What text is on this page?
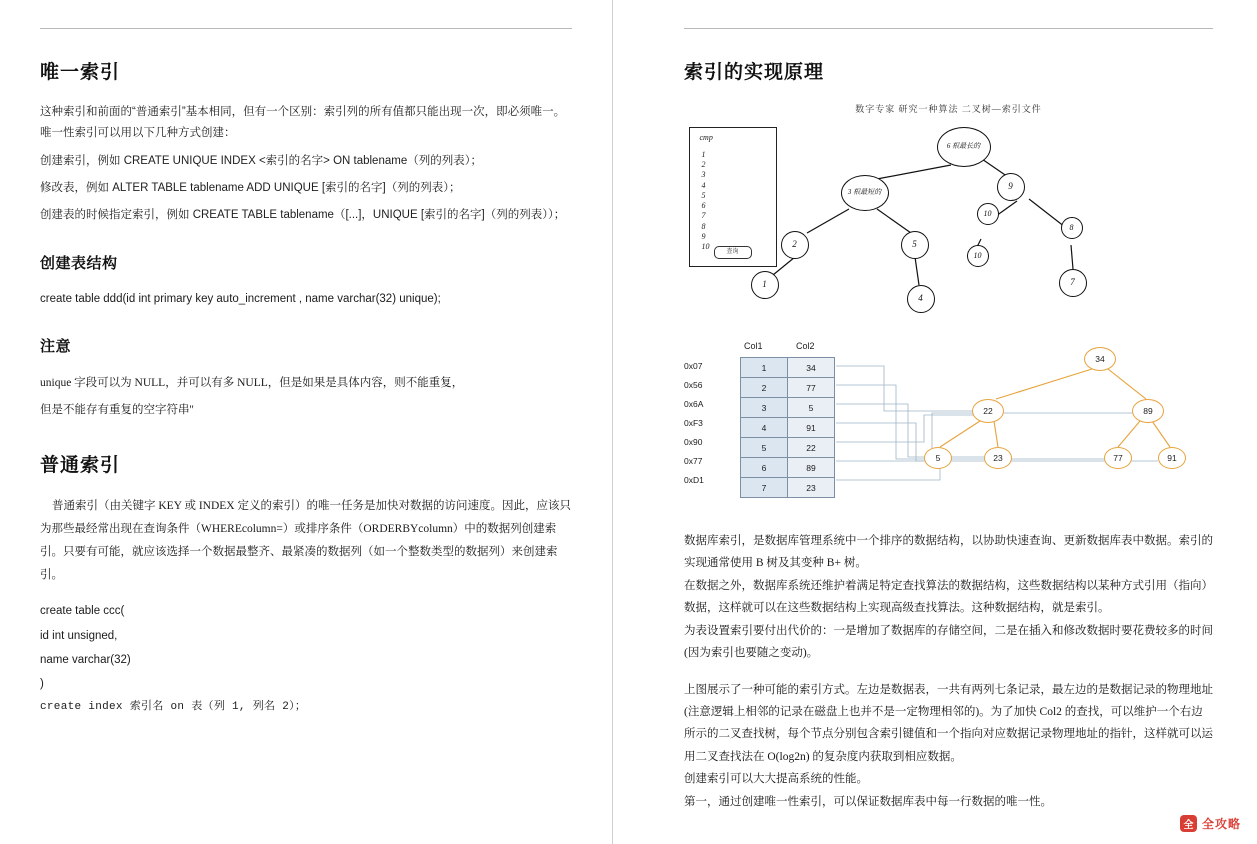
唯一索引

这种索引和前面的“普通索引”基本相同，但有一个区别：索引列的所有值都只能出现一次，即必须唯一。唯一性索引可以用以下几种方式创建：

创建索引，例如 CREATE UNIQUE INDEX <索引的名字> ON tablename（列的列表）；

修改表，例如 ALTER TABLE tablename ADD UNIQUE [索引的名字]（列的列表）；

创建表的时候指定索引，例如 CREATE TABLE tablename（[...]，UNIQUE [索引的名字]（列的列表））；

创建表结构
create table ddd(id int primary key auto_increment , name varchar(32) unique);
注意
unique 字段可以为 NULL，并可以有多 NULL，但是如果是具体内容，则不能重复，
但是不能存有重复的空字符串''
普通索引
普通索引（由关键字 KEY 或 INDEX 定义的索引）的唯一任务是加快对数据的访问速度。因此，应该只为那些最经常出现在查询条件（WHEREcolumn=）或排序条件（ORDERBYcolumn）中的数据列创建索引。只要有可能，就应该选择一个数据最整齐、最紧凑的数据列（如一个整数类型的数据列）来创建索引。
create table ccc(
id int unsigned,
name varchar(32)
)
create index 索引名 on 表（列 1, 列名 2）；
索引的实现原理
数字专家 研究一种算法 二叉树—索引文件
cmp
1
2
3
4
5
6
7
8
9
10
查询
6 根最长的
3 根最短的
9
2	5
10
8
10
1	7
4
Col1	Col2
0x07
0x56
0x6A
0xF3
0x90
0x77
0xD1
1	34
2	77
3	5
4	91
5	22
6	89
7	23
34
22	89
5	23	77	91
数据库索引，是数据库管理系统中一个排序的数据结构，以协助快速查询、更新数据库表中数据。索引的实现通常使用 B 树及其变种 B+ 树。
在数据之外，数据库系统还维护着满足特定查找算法的数据结构，这些数据结构以某种方式引用（指向）数据，这样就可以在这些数据结构上实现高级查找算法。这种数据结构，就是索引。
为表设置索引要付出代价的：一是增加了数据库的存储空间，二是在插入和修改数据时要花费较多的时间(因为索引也要随之变动)。
上图展示了一种可能的索引方式。左边是数据表，一共有两列七条记录，最左边的是数据记录的物理地址(注意逻辑上相邻的记录在磁盘上也并不是一定物理相邻的)。为了加快 Col2 的查找，可以维护一个右边所示的二叉查找树，每个节点分别包含索引键值和一个指向对应数据记录物理地址的指针，这样就可以运用二叉查找法在 O(log2n) 的复杂度内获取到相应数据。
创建索引可以大大提高系统的性能。
第一，通过创建唯一性索引，可以保证数据库表中每一行数据的唯一性。
全 全攻略
